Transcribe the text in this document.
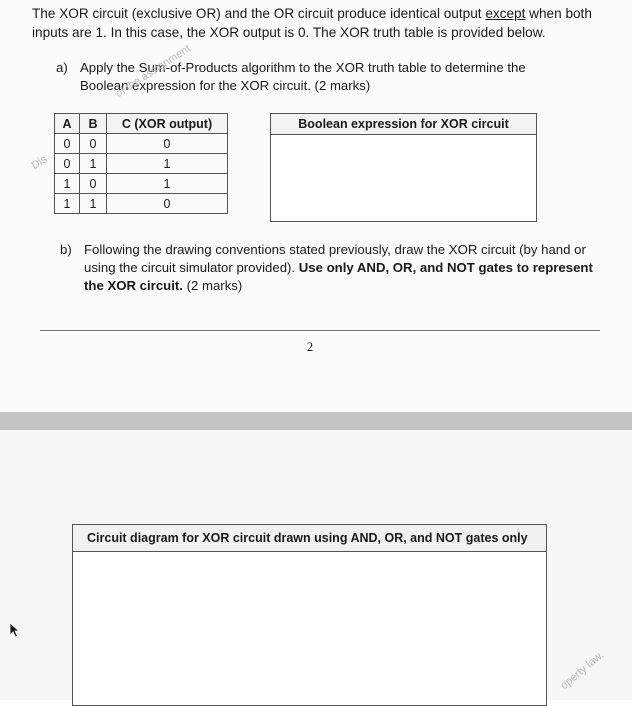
The XOR circuit (exclusive OR) and the OR circuit produce identical output except when both inputs are 1. In this case, the XOR output is 0. The XOR truth table is provided below.

a) Apply the Sum-of-Products algorithm to the XOR truth table to determine the
Boolean expression for the XOR circuit. (2 marks)
A	B	C (XOR output)
0	0	0
0	1	1
1	0	1
1	1	0
Boolean expression for XOR circuit
b) Following the drawing conventions stated previously, draw the XOR circuit (by hand or using the circuit simulator provided). Use only AND, OR, and NOT gates to represent the XOR circuit. (2 marks)
2
Circuit diagram for XOR circuit drawn using AND, OR, and NOT gates only
of the assignment
Dis
operty law.
